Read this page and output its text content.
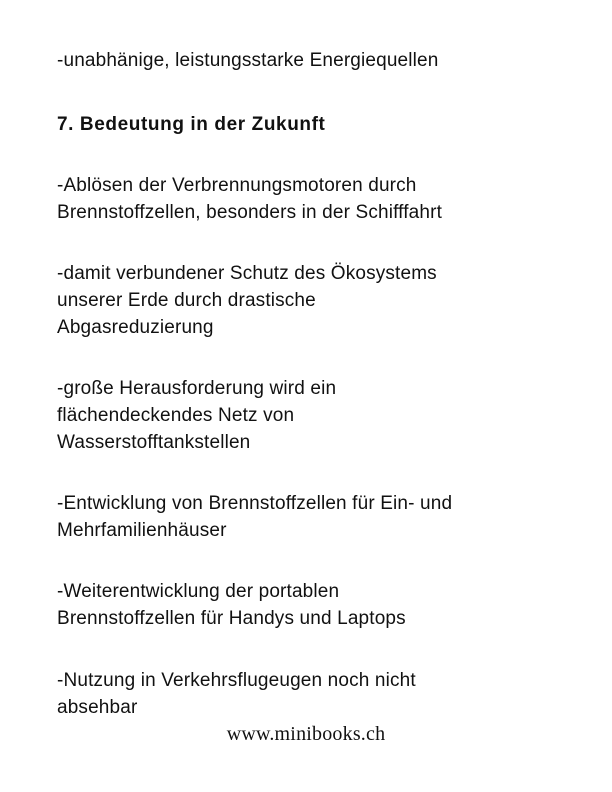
-unabhänige, leistungsstarke Energiequellen
7. Bedeutung in der Zukunft
-Ablösen der Verbrennungsmotoren durch
Brennstoffzellen, besonders in der Schifffahrt
-damit verbundener Schutz des Ökosystems
unserer Erde durch drastische
Abgasreduzierung
-große Herausforderung wird ein
flächendeckendes Netz von
Wasserstofftankstellen
-Entwicklung von Brennstoffzellen für Ein- und
Mehrfamilienhäuser
-Weiterentwicklung der portablen
Brennstoffzellen für Handys und Laptops
-Nutzung in Verkehrsflugeugen noch nicht
absehbar
www.minibooks.ch
